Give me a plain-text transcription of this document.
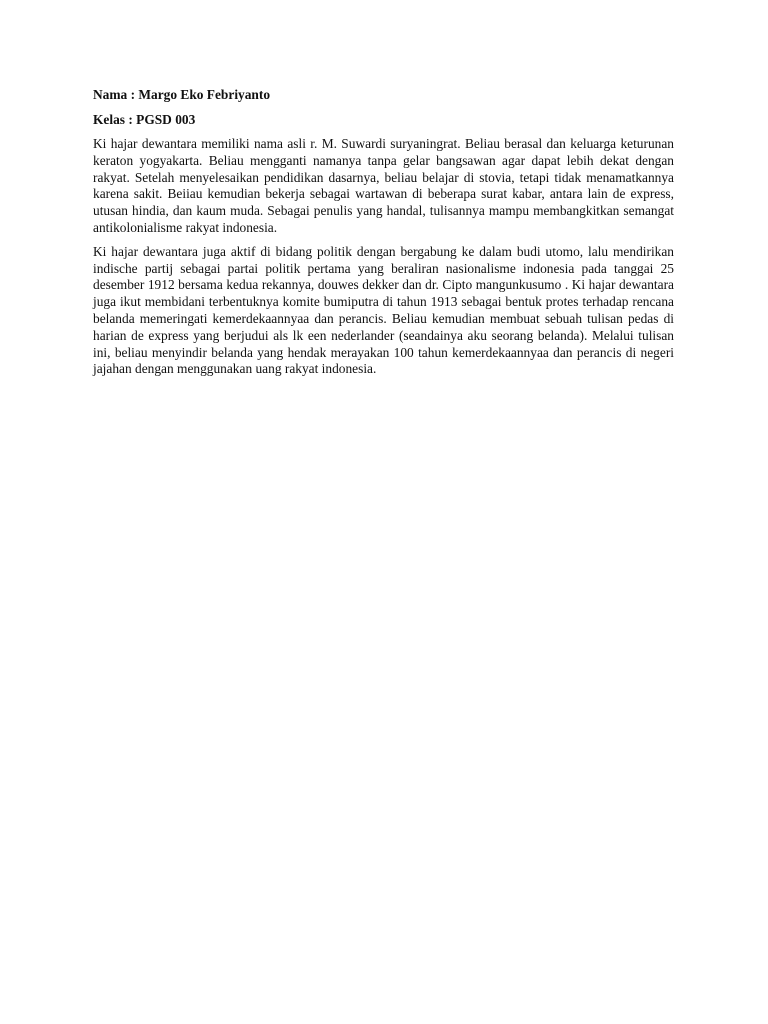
Nama : Margo Eko Febriyanto

Kelas : PGSD 003

Ki hajar dewantara memiliki nama asli r. M. Suwardi suryaningrat. Beliau berasal dan keluarga keturunan keraton yogyakarta. Beliau mengganti namanya tanpa gelar bangsawan agar dapat lebih dekat dengan rakyat. Setelah menyelesaikan pendidikan dasarnya, beliau belajar di stovia, tetapi tidak menamatkannya karena sakit. Beiiau kemudian bekerja sebagai wartawan di beberapa surat kabar, antara lain de express, utusan hindia, dan kaum muda. Sebagai penulis yang handal, tulisannya mampu membangkitkan semangat antikolonialisme rakyat indonesia.

Ki hajar dewantara juga aktif di bidang politik dengan bergabung ke dalam budi utomo, lalu mendirikan indische partij sebagai partai politik pertama yang beraliran nasionalisme indonesia pada tanggai 25 desember 1912 bersama kedua rekannya, douwes dekker dan dr. Cipto mangunkusumo . Ki hajar dewantara juga ikut membidani terbentuknya komite bumiputra di tahun 1913 sebagai bentuk protes terhadap rencana belanda memeringati kemerdekaannyaa dan perancis. Beliau kemudian membuat sebuah tulisan pedas di harian de express yang berjudui als lk een nederlander (seandainya aku seorang belanda). Melalui tulisan ini, beliau menyindir belanda yang hendak merayakan 100 tahun kemerdekaannyaa dan perancis di negeri jajahan dengan menggunakan uang rakyat indonesia.
